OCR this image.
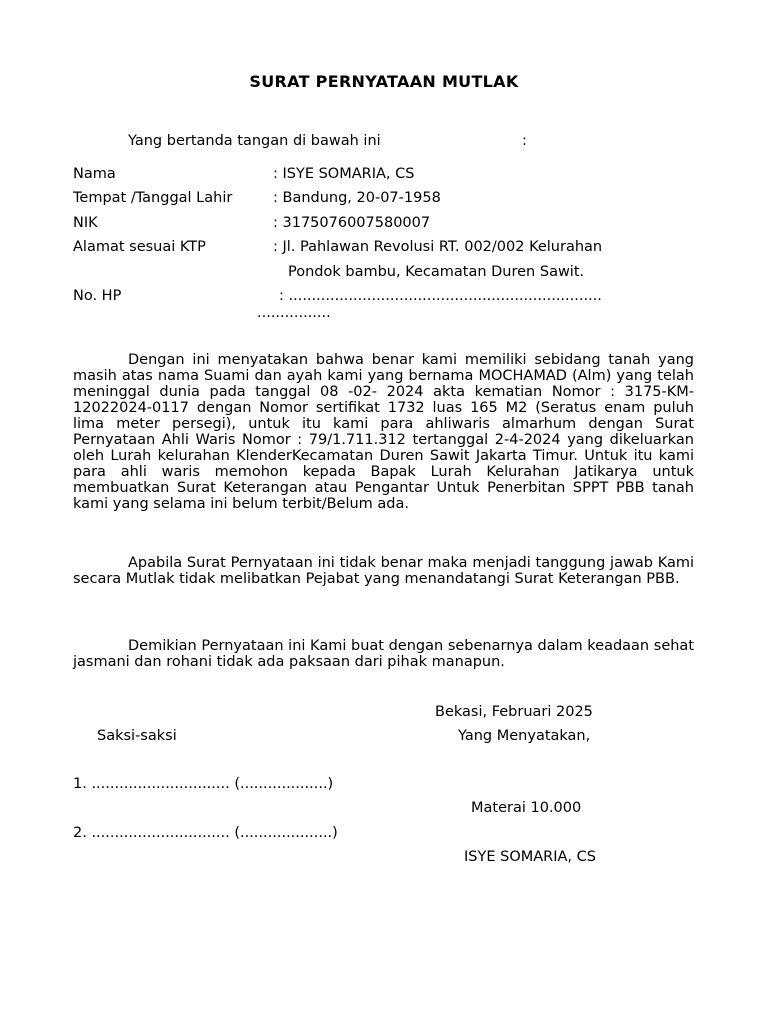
SURAT PERNYATAAN MUTLAK
Yang bertanda tangan di bawah ini	:
Nama	: ISYE SOMARIA, CS
Tempat /Tanggal Lahir	: Bandung, 20-07-1958
NIK	: 3175076007580007
Alamat sesuai KTP	: Jl. Pahlawan Revolusi RT. 002/002 Kelurahan
Pondok bambu, Kecamatan Duren Sawit.
No. HP	: ....................................................................
................
Dengan ini menyatakan bahwa benar kami memiliki sebidang tanah yang masih atas nama Suami dan ayah kami yang bernama MOCHAMAD (Alm) yang telah meninggal dunia pada tanggal 08 -02- 2024 akta kematian Nomor : 3175-KM-12022024-0117 dengan Nomor sertifikat 1732 luas 165 M2 (Seratus enam puluh lima meter persegi), untuk itu kami para ahliwaris almarhum dengan Surat Pernyataan Ahli Waris Nomor : 79/1.711.312 tertanggal 2-4-2024 yang dikeluarkan oleh Lurah kelurahan KlenderKecamatan Duren Sawit Jakarta Timur. Untuk itu kami para ahli waris memohon kepada Bapak Lurah Kelurahan Jatikarya untuk membuatkan Surat Keterangan atau Pengantar Untuk Penerbitan SPPT PBB tanah kami yang selama ini belum terbit/Belum ada.
Apabila Surat Pernyataan ini tidak benar maka menjadi tanggung jawab Kami secara Mutlak tidak melibatkan Pejabat yang menandatangi Surat Keterangan PBB.
Demikian Pernyataan ini Kami buat dengan sebenarnya dalam keadaan sehat jasmani dan rohani tidak ada paksaan dari pihak manapun.
Bekasi, Februari 2025
Saksi-saksi	Yang Menyatakan,
1. .............................. (...................)
Materai 10.000
2. .............................. (....................)
ISYE SOMARIA, CS
